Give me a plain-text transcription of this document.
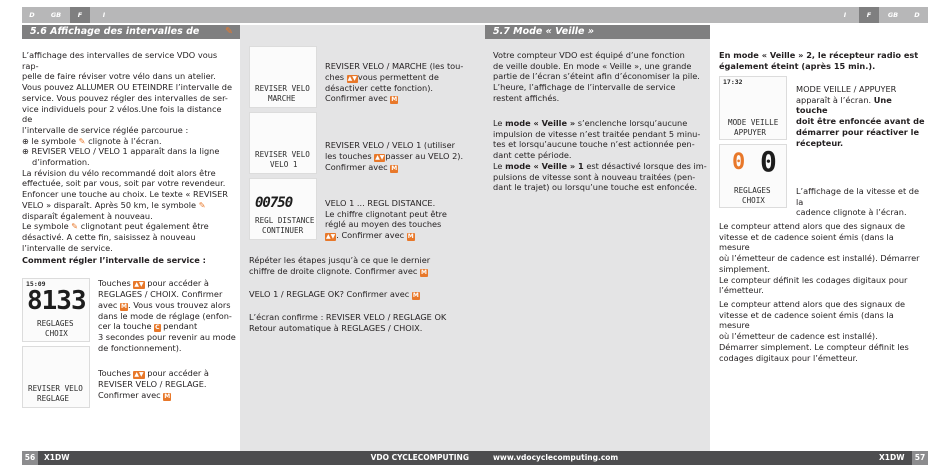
D	GB	F	I
5.6 Affichage des intervalles de service
✎

L’affichage des intervalles de service VDO vous rap-

pelle de faire réviser votre vélo dans un atelier.

Vous pouvez ALLUMER OU ETEINDRE l’intervalle de

service. Vous pouvez régler des intervalles de ser-

vice individuels pour 2 vélos.Une fois la distance de

l’intervalle de service réglée parcourue :

⊕ le symbole ✎ clignote à l’écran.

⊕ REVISER VELO / VELO 1 apparaît dans la ligne

d’information.

La révision du vélo recommandé doit alors être

effectuée, soit par vous, soit par votre revendeur.

Enfoncer une touche au choix. Le texte « REVISER

VELO » disparaît. Après 50 km, le symbole ✎

disparaît également à nouveau.

Le symbole ✎ clignotant peut également être

désactivé. A cette fin, saisissez à nouveau

l’intervalle de service.

Comment régler l’intervalle de service :
15:09
8133
REGLAGES
CHOIX

Touches ▲▼ pour accéder à

REGLAGES / CHOIX. Confirmer

avec M. Vous vous trouvez alors

dans le mode de réglage (enfon-

cer la touche C pendant

3 secondes pour revenir au mode

de fonctionnement).

REVISER VELO
REGLAGE

Touches ▲▼ pour accéder à

REVISER VELO / REGLAGE.

Confirmer avec M

REVISER VELO
MARCHE

REVISER VELO / MARCHE (les tou-

ches ▲▼vous permettent de

désactiver cette fonction).

Confirmer avec M

REVISER VELO
VELO 1

REVISER VELO / VELO 1 (utiliser

les touches ▲▼passer au VELO 2).

Confirmer avec M

00750
REGL DISTANCE
CONTINUER

VELO 1 ... REGL DISTANCE.

Le chiffre clignotant peut être

réglé au moyen des touches

▲▼. Confirmer avec M

Répéter les étapes jusqu’à ce que le dernier

chiffre de droite clignote. Confirmer avec M

VELO 1 / REGLAGE OK? Confirmer avec M

L’écran confirme : REVISER VELO / REGLAGE OK

Retour automatique à REGLAGES / CHOIX.

56	X1DW	VDO CYCLECOMPUTING
I	F	GB	D
5.7 Mode « Veille »

Votre compteur VDO est équipé d’une fonction

de veille double. En mode « Veille », une grande

partie de l’écran s’éteint afin d’économiser la pile.

L’heure, l’affichage de l’intervalle de service

restent affichés.

Le mode « Veille » s’enclenche lorsqu’aucune

impulsion de vitesse n’est traitée pendant 5 minu-

tes et lorsqu’aucune touche n’est actionnée pen-

dant cette période.

Le mode « Veille » 1 est désactivé lorsque des im-

pulsions de vitesse sont à nouveau traitées (pen-

dant le trajet) ou lorsqu’une touche est enfoncée.

En mode « Veille » 2, le récepteur radio est

également éteint (après 15 min.).

17:32
MODE VEILLE
APPUYER

MODE VEILLE / APPUYER

apparaît à l’écran. Une touche

doit être enfoncée avant de

démarrer pour réactiver le

récepteur.

0 0
REGLAGES
CHOIX

L’affichage de la vitesse et de la

cadence clignote à l’écran.

Le compteur attend alors que des signaux de

vitesse et de cadence soient émis (dans la mesure

où l’émetteur de cadence est installé). Démarrer

simplement.

Le compteur définit les codages digitaux pour

l’émetteur.

Le compteur attend alors que des signaux de

vitesse et de cadence soient émis (dans la mesure

où l’émetteur de cadence est installé).

Démarrer simplement. Le compteur définit les

codages digitaux pour l’émetteur.

www.vdocyclecomputing.com	X1DW	57
